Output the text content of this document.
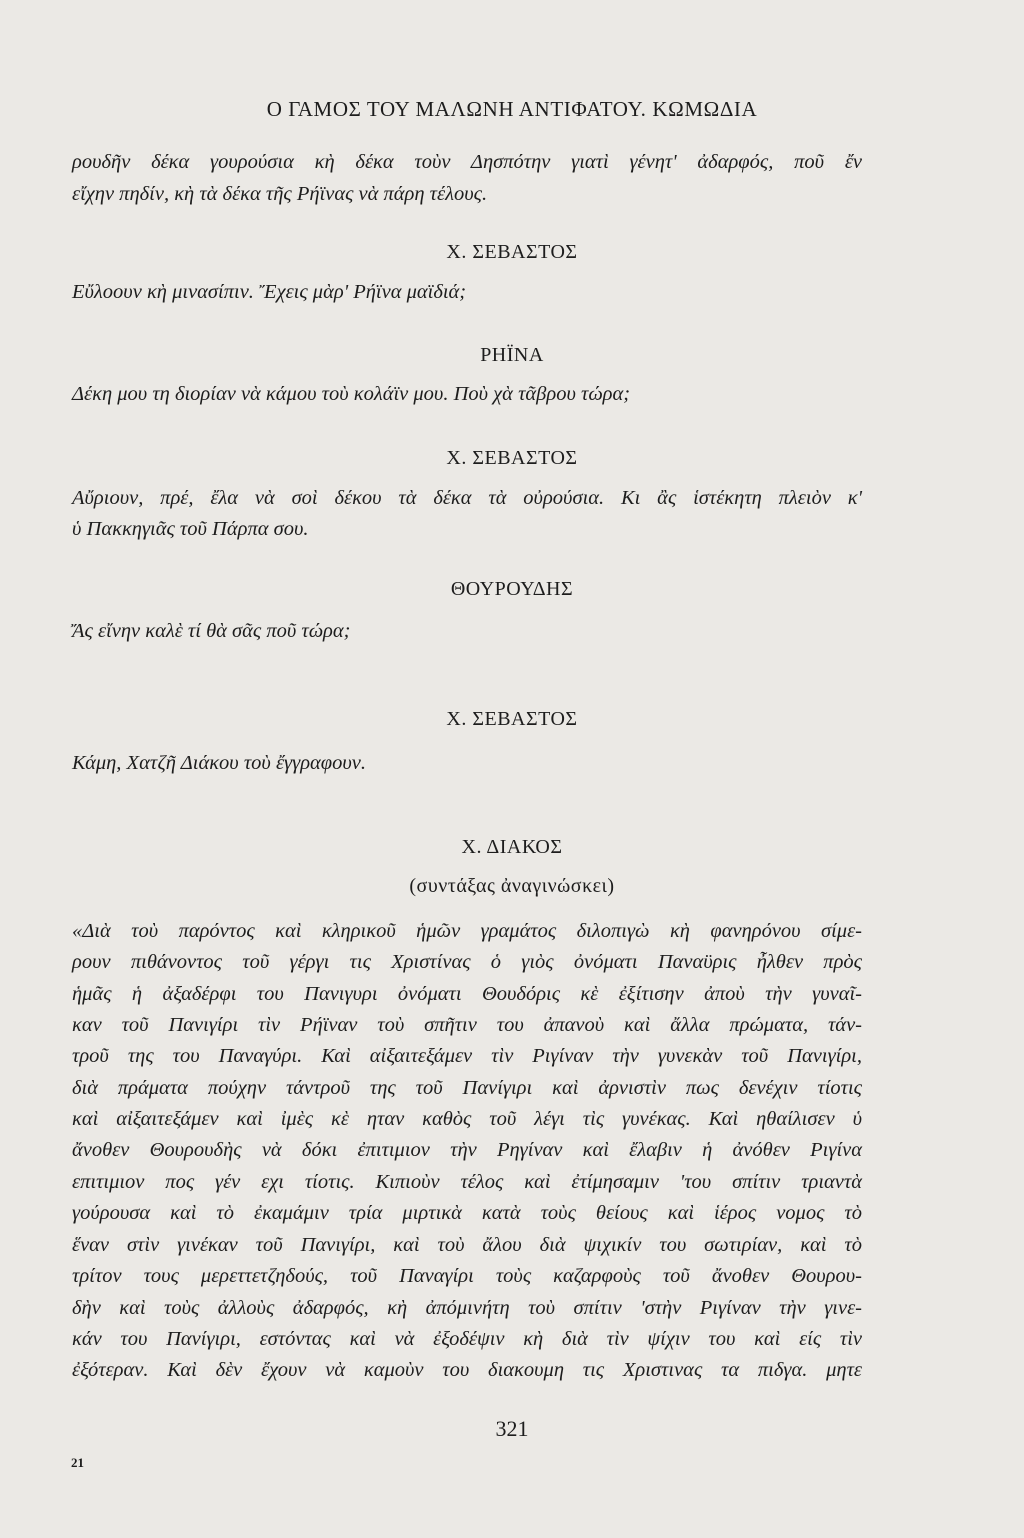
Ο ΓΑΜΟΣ ΤΟΥ ΜΑΛΩΝΗ ΑΝΤΙΦΑΤΟΥ. ΚΩΜΩΔΙΑ
ρουδῆν δέκα γουρούσια κὴ δέκα τοὺν Δησπότην γιατὶ γένητ' ἀδαρφός, ποῦ ἔν
εἴχην πηδίν, κὴ τὰ δέκα τῆς Ρήϊνας νὰ πάρη τέλους.
Χ. ΣΕΒΑΣΤΟΣ
Εὔλοουν κὴ μινασίπιν. Ἔχεις μὰρ' Ρήϊνα μαϊδιά;
ΡΗΪΝΑ
Δέκη μου τη διορίαν νὰ κάμου τοὺ κολάϊν μου. Ποὺ χὰ τᾶβρου τώρα;
Χ. ΣΕΒΑΣΤΟΣ
Αὔριουν, πρέ, ἔλα νὰ σοὶ δέκου τὰ δέκα τὰ οὐρούσια. Κι ἂς ἱστέκητη πλειὸν κ'
ὑ Πακκηγιᾶς τοῦ Πάρπα σου.
ΘΟΥΡΟΥΔΗΣ
Ἄς εἴνην καλὲ τί θὰ σᾶς ποῦ τώρα;
Χ. ΣΕΒΑΣΤΟΣ
Κάμη, Χατζῆ Διάκου τοὺ ἔγγραφουν.
Χ. ΔΙΑΚΟΣ
(συντάξας ἀναγινώσκει)
«Διὰ τοὺ παρόντος καὶ κληρικοῦ ἡμῶν γραμάτος διλοπιγὼ κὴ φανηρόνου σίμε-
ρουν πιθάνοντος τοῦ γέργι τις Χριστίνας ὁ γιὸς ὀνόματι Παναϋρις ἦλθεν πρὸς
ἡμᾶς ἡ ἀξαδέρφι του Πανιγυρι ὀνόματι Θουδόρις κὲ ἐξίτισην ἀποὺ τὴν γυναῖ-
καν τοῦ Πανιγίρι τὶν Ρήϊναν τοὺ σπῆτιν του ἀπανοὺ καὶ ἄλλα πρώματα, τάν-
τροῦ της του Παναγύρι. Καὶ αἰξαιτεξάμεν τὶν Ριγίναν τὴν γυνεκὰν τοῦ Πανιγίρι,
διὰ πράματα πούχην τάντροῦ της τοῦ Πανίγιρι καὶ ἀρνιστὶν πως δενέχιν τίοτις
καὶ αἰξαιτεξάμεν καὶ ἰμὲς κὲ ηταν καθὸς τοῦ λέγι τὶς γυνέκας. Καὶ ηθαίλισεν ὑ
ἄνοθεν Θουρουδὴς νὰ δόκι ἐπιτιμιον τὴν Ρηγίναν καὶ ἔλαβιν ἡ ἀνόθεν Ριγίνα
επιτιμιον πος γέν εχι τίοτις. Κιπιοὺν τέλος καὶ ἐτίμησαμιν 'του σπίτιν τριαντὰ
γούρουσα καὶ τὸ ἐκαμάμιν τρία μιρτικὰ κατὰ τοὺς θείους καὶ ἱέρος νομος τὸ
ἕναν στὶν γινέκαν τοῦ Πανιγίρι, καὶ τοὺ ἄλου διὰ ψιχικίν του σωτιρίαν, καὶ τὸ
τρίτον τους μερεττετζηδούς, τοῦ Παναγίρι τοὺς καζαρφοὺς τοῦ ἄνοθεν Θουρου-
δὴν καὶ τοὺς ἀλλοὺς ἀδαρφός, κὴ ἀπόμινήτη τοὺ σπίτιν 'στὴν Ριγίναν τὴν γινε-
κάν του Πανίγιρι, εστόντας καὶ νὰ ἐξοδέψιν κὴ διὰ τὶν ψίχιν του καὶ είς τὶν
ἐξότεραν. Καὶ δὲν ἔχουν νὰ καμοὺν του διακουμη τις Χριστινας τα πιδγα. μητε
321
21
